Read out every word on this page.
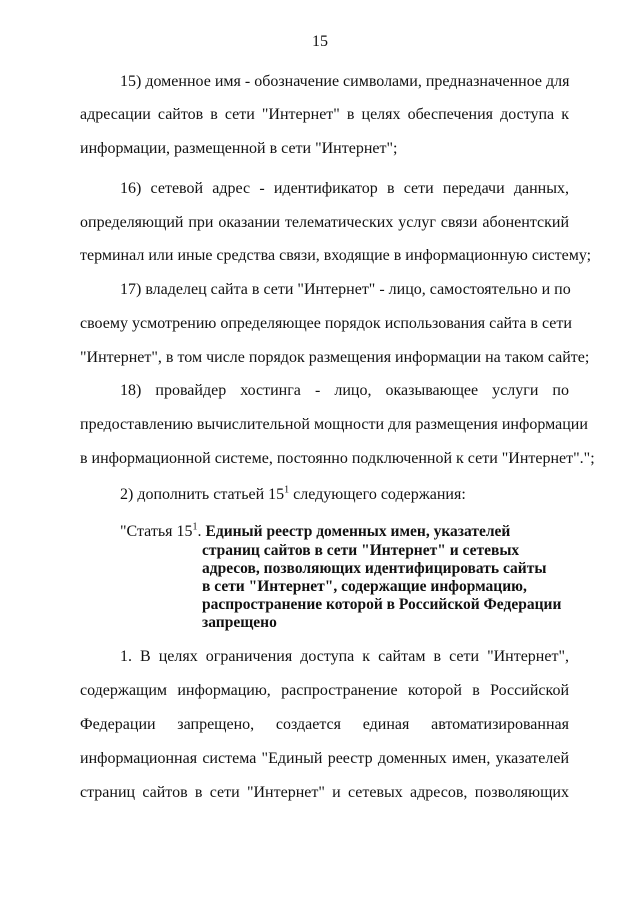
15
15) доменное имя - обозначение символами, предназначенное для
адресации сайтов в сети "Интернет" в целях обеспечения доступа к
информации, размещенной в сети "Интернет";
16) сетевой адрес - идентификатор в сети передачи данных,
определяющий при оказании телематических услуг связи абонентский
терминал или иные средства связи, входящие в информационную систему;
17) владелец сайта в сети "Интернет" - лицо, самостоятельно и по
своему усмотрению определяющее порядок использования сайта в сети
"Интернет", в том числе порядок размещения информации на таком сайте;
18) провайдер хостинга - лицо, оказывающее услуги по
предоставлению вычислительной мощности для размещения информации
в информационной системе, постоянно подключенной к сети "Интернет".";
2) дополнить статьей $15^1$ следующего содержания:
"Статья $15^1$. Единый реестр доменных имен, указателей
страниц сайтов в сети "Интернет" и сетевых
адресов, позволяющих идентифицировать сайты
в сети "Интернет", содержащие информацию,
распространение которой в Российской Федерации
запрещено
1. В целях ограничения доступа к сайтам в сети "Интернет",
содержащим информацию, распространение которой в Российской
Федерации запрещено, создается единая автоматизированная
информационная система "Единый реестр доменных имен, указателей
страниц сайтов в сети "Интернет" и сетевых адресов, позволяющих
